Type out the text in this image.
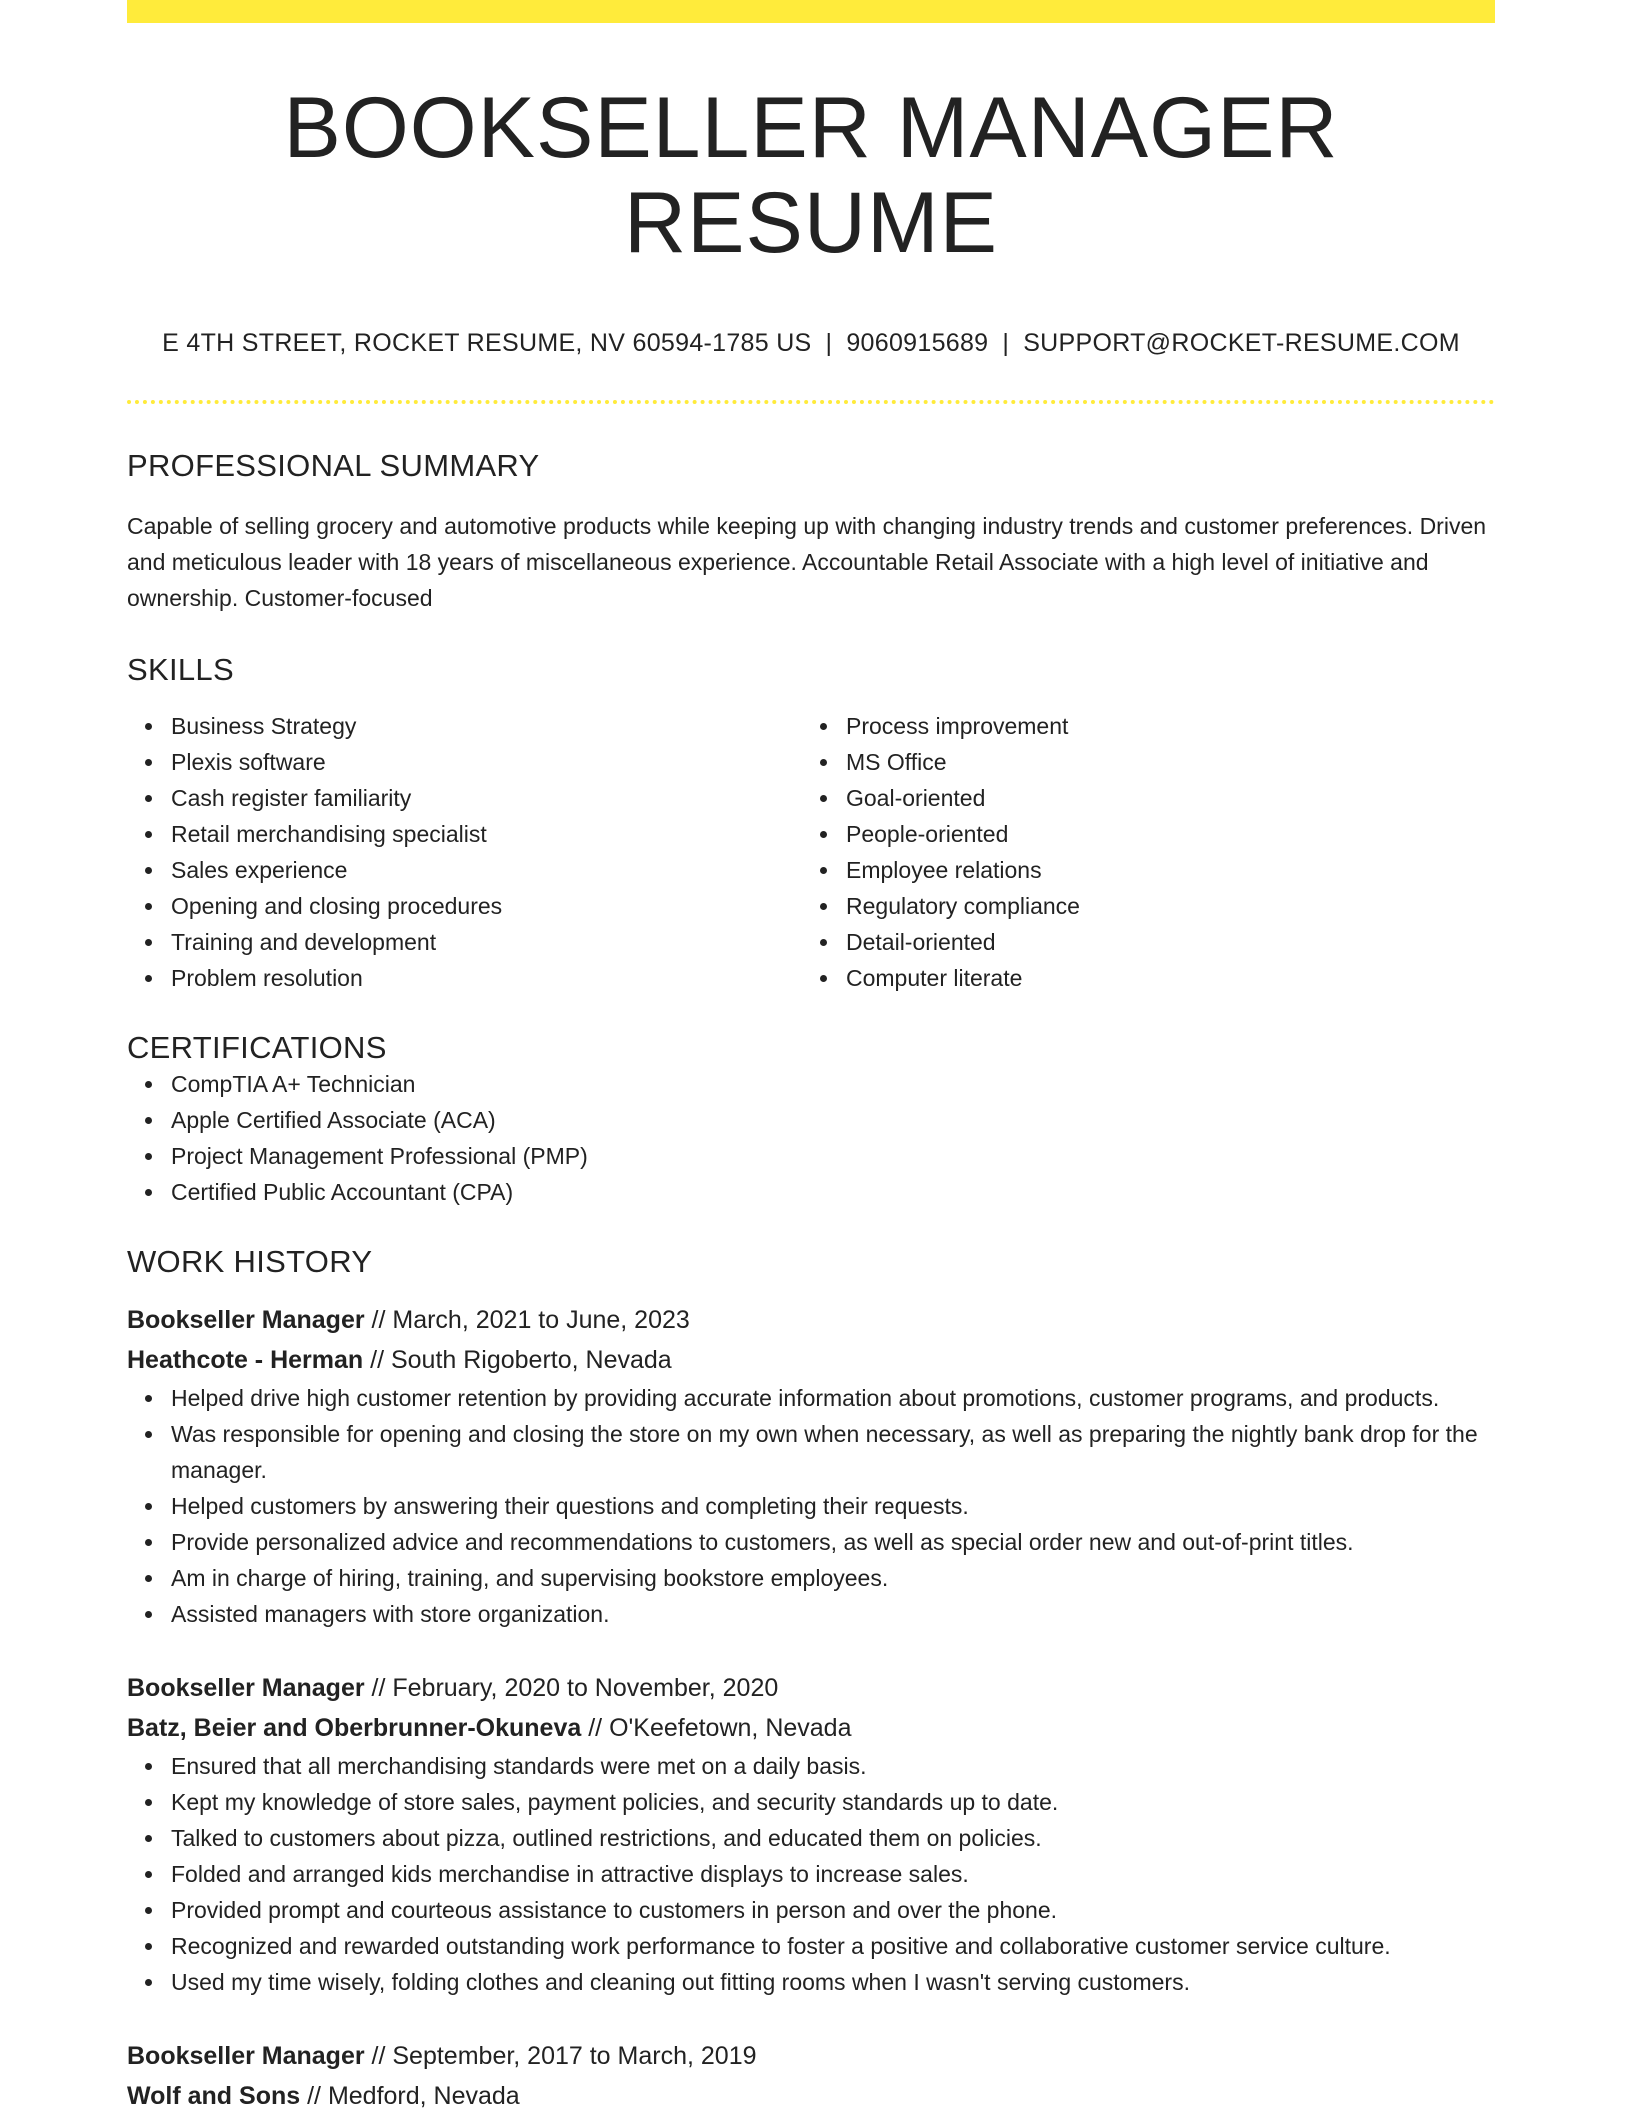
BOOKSELLER MANAGER RESUME
E 4TH STREET, ROCKET RESUME, NV 60594-1785 US | 9060915689 | SUPPORT@ROCKET-RESUME.COM
PROFESSIONAL SUMMARY

Capable of selling grocery and automotive products while keeping up with changing industry trends and customer preferences. Driven and meticulous leader with 18 years of miscellaneous experience. Accountable Retail Associate with a high level of initiative and ownership. Customer-focused

SKILLS
Business Strategy
Plexis software
Cash register familiarity
Retail merchandising specialist
Sales experience
Opening and closing procedures
Training and development
Problem resolution
Process improvement
MS Office
Goal-oriented
People-oriented
Employee relations
Regulatory compliance
Detail-oriented
Computer literate
CERTIFICATIONS
CompTIA A+ Technician
Apple Certified Associate (ACA)
Project Management Professional (PMP)
Certified Public Accountant (CPA)
WORK HISTORY
Bookseller Manager // March, 2021 to June, 2023
Heathcote - Herman // South Rigoberto, Nevada
Helped drive high customer retention by providing accurate information about promotions, customer programs, and products.
Was responsible for opening and closing the store on my own when necessary, as well as preparing the nightly bank drop for the manager.
Helped customers by answering their questions and completing their requests.
Provide personalized advice and recommendations to customers, as well as special order new and out-of-print titles.
Am in charge of hiring, training, and supervising bookstore employees.
Assisted managers with store organization.
Bookseller Manager // February, 2020 to November, 2020
Batz, Beier and Oberbrunner-Okuneva // O'Keefetown, Nevada
Ensured that all merchandising standards were met on a daily basis.
Kept my knowledge of store sales, payment policies, and security standards up to date.
Talked to customers about pizza, outlined restrictions, and educated them on policies.
Folded and arranged kids merchandise in attractive displays to increase sales.
Provided prompt and courteous assistance to customers in person and over the phone.
Recognized and rewarded outstanding work performance to foster a positive and collaborative customer service culture.
Used my time wisely, folding clothes and cleaning out fitting rooms when I wasn't serving customers.
Bookseller Manager // September, 2017 to March, 2019
Wolf and Sons // Medford, Nevada
